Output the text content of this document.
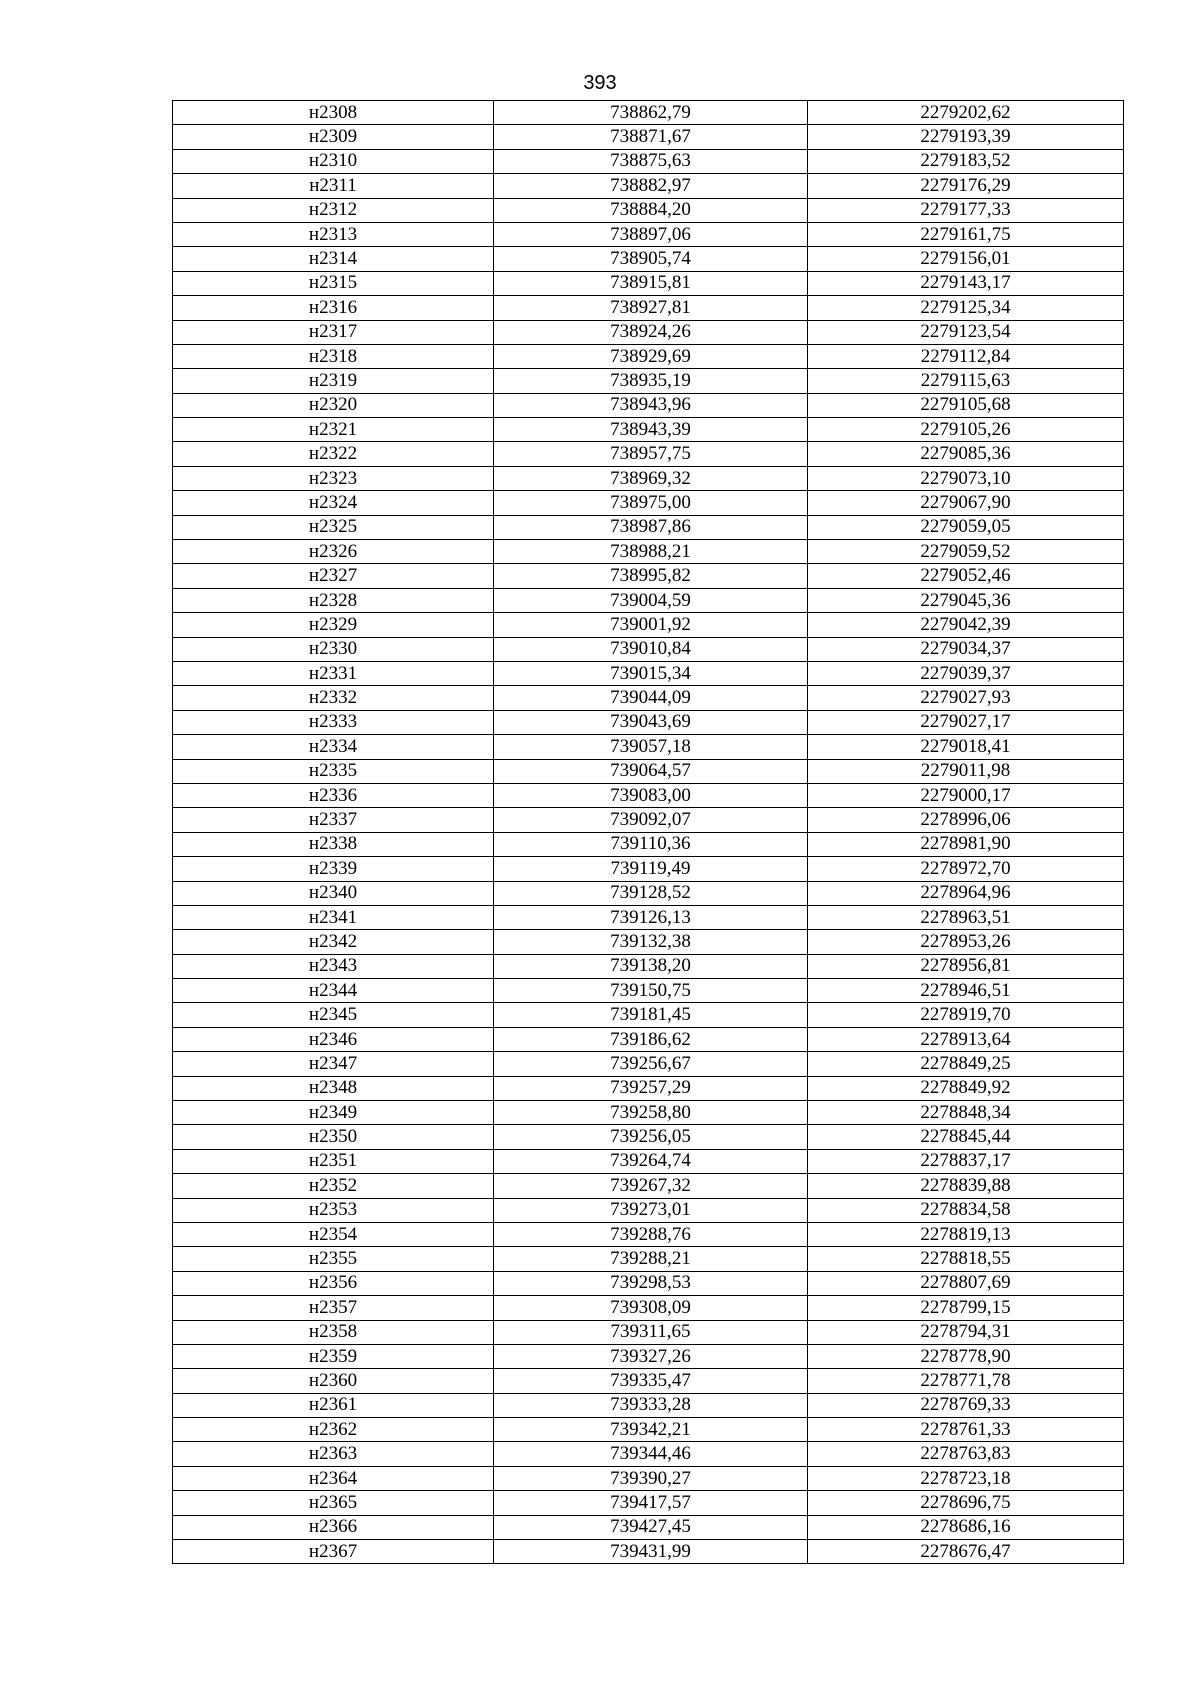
393
н2308	738862,79	2279202,62
н2309	738871,67	2279193,39
н2310	738875,63	2279183,52
н2311	738882,97	2279176,29
н2312	738884,20	2279177,33
н2313	738897,06	2279161,75
н2314	738905,74	2279156,01
н2315	738915,81	2279143,17
н2316	738927,81	2279125,34
н2317	738924,26	2279123,54
н2318	738929,69	2279112,84
н2319	738935,19	2279115,63
н2320	738943,96	2279105,68
н2321	738943,39	2279105,26
н2322	738957,75	2279085,36
н2323	738969,32	2279073,10
н2324	738975,00	2279067,90
н2325	738987,86	2279059,05
н2326	738988,21	2279059,52
н2327	738995,82	2279052,46
н2328	739004,59	2279045,36
н2329	739001,92	2279042,39
н2330	739010,84	2279034,37
н2331	739015,34	2279039,37
н2332	739044,09	2279027,93
н2333	739043,69	2279027,17
н2334	739057,18	2279018,41
н2335	739064,57	2279011,98
н2336	739083,00	2279000,17
н2337	739092,07	2278996,06
н2338	739110,36	2278981,90
н2339	739119,49	2278972,70
н2340	739128,52	2278964,96
н2341	739126,13	2278963,51
н2342	739132,38	2278953,26
н2343	739138,20	2278956,81
н2344	739150,75	2278946,51
н2345	739181,45	2278919,70
н2346	739186,62	2278913,64
н2347	739256,67	2278849,25
н2348	739257,29	2278849,92
н2349	739258,80	2278848,34
н2350	739256,05	2278845,44
н2351	739264,74	2278837,17
н2352	739267,32	2278839,88
н2353	739273,01	2278834,58
н2354	739288,76	2278819,13
н2355	739288,21	2278818,55
н2356	739298,53	2278807,69
н2357	739308,09	2278799,15
н2358	739311,65	2278794,31
н2359	739327,26	2278778,90
н2360	739335,47	2278771,78
н2361	739333,28	2278769,33
н2362	739342,21	2278761,33
н2363	739344,46	2278763,83
н2364	739390,27	2278723,18
н2365	739417,57	2278696,75
н2366	739427,45	2278686,16
н2367	739431,99	2278676,47
